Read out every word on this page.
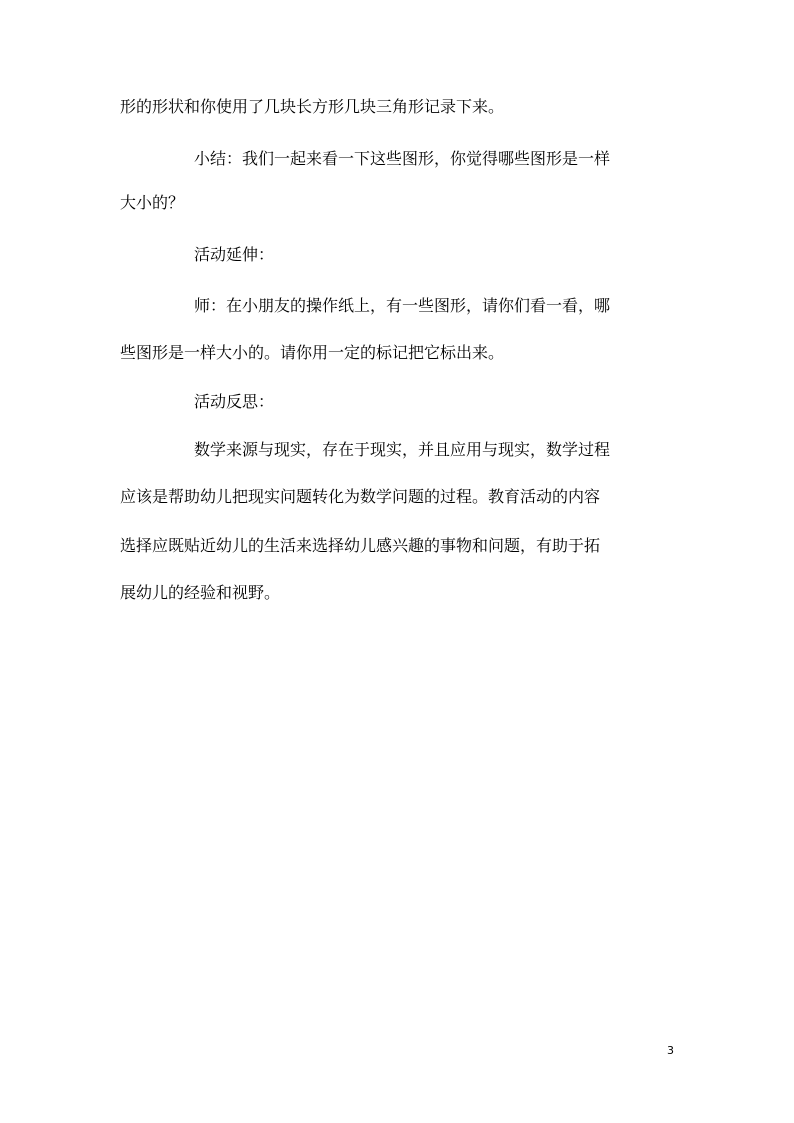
形的形状和你使用了几块长方形几块三角形记录下来。

小结：我们一起来看一下这些图形，你觉得哪些图形是一样

大小的？

活动延伸：

师：在小朋友的操作纸上，有一些图形，请你们看一看，哪

些图形是一样大小的。请你用一定的标记把它标出来。

活动反思：

数学来源与现实，存在于现实，并且应用与现实，数学过程

应该是帮助幼儿把现实问题转化为数学问题的过程。教育活动的内容

选择应既贴近幼儿的生活来选择幼儿感兴趣的事物和问题，有助于拓

展幼儿的经验和视野。

3
